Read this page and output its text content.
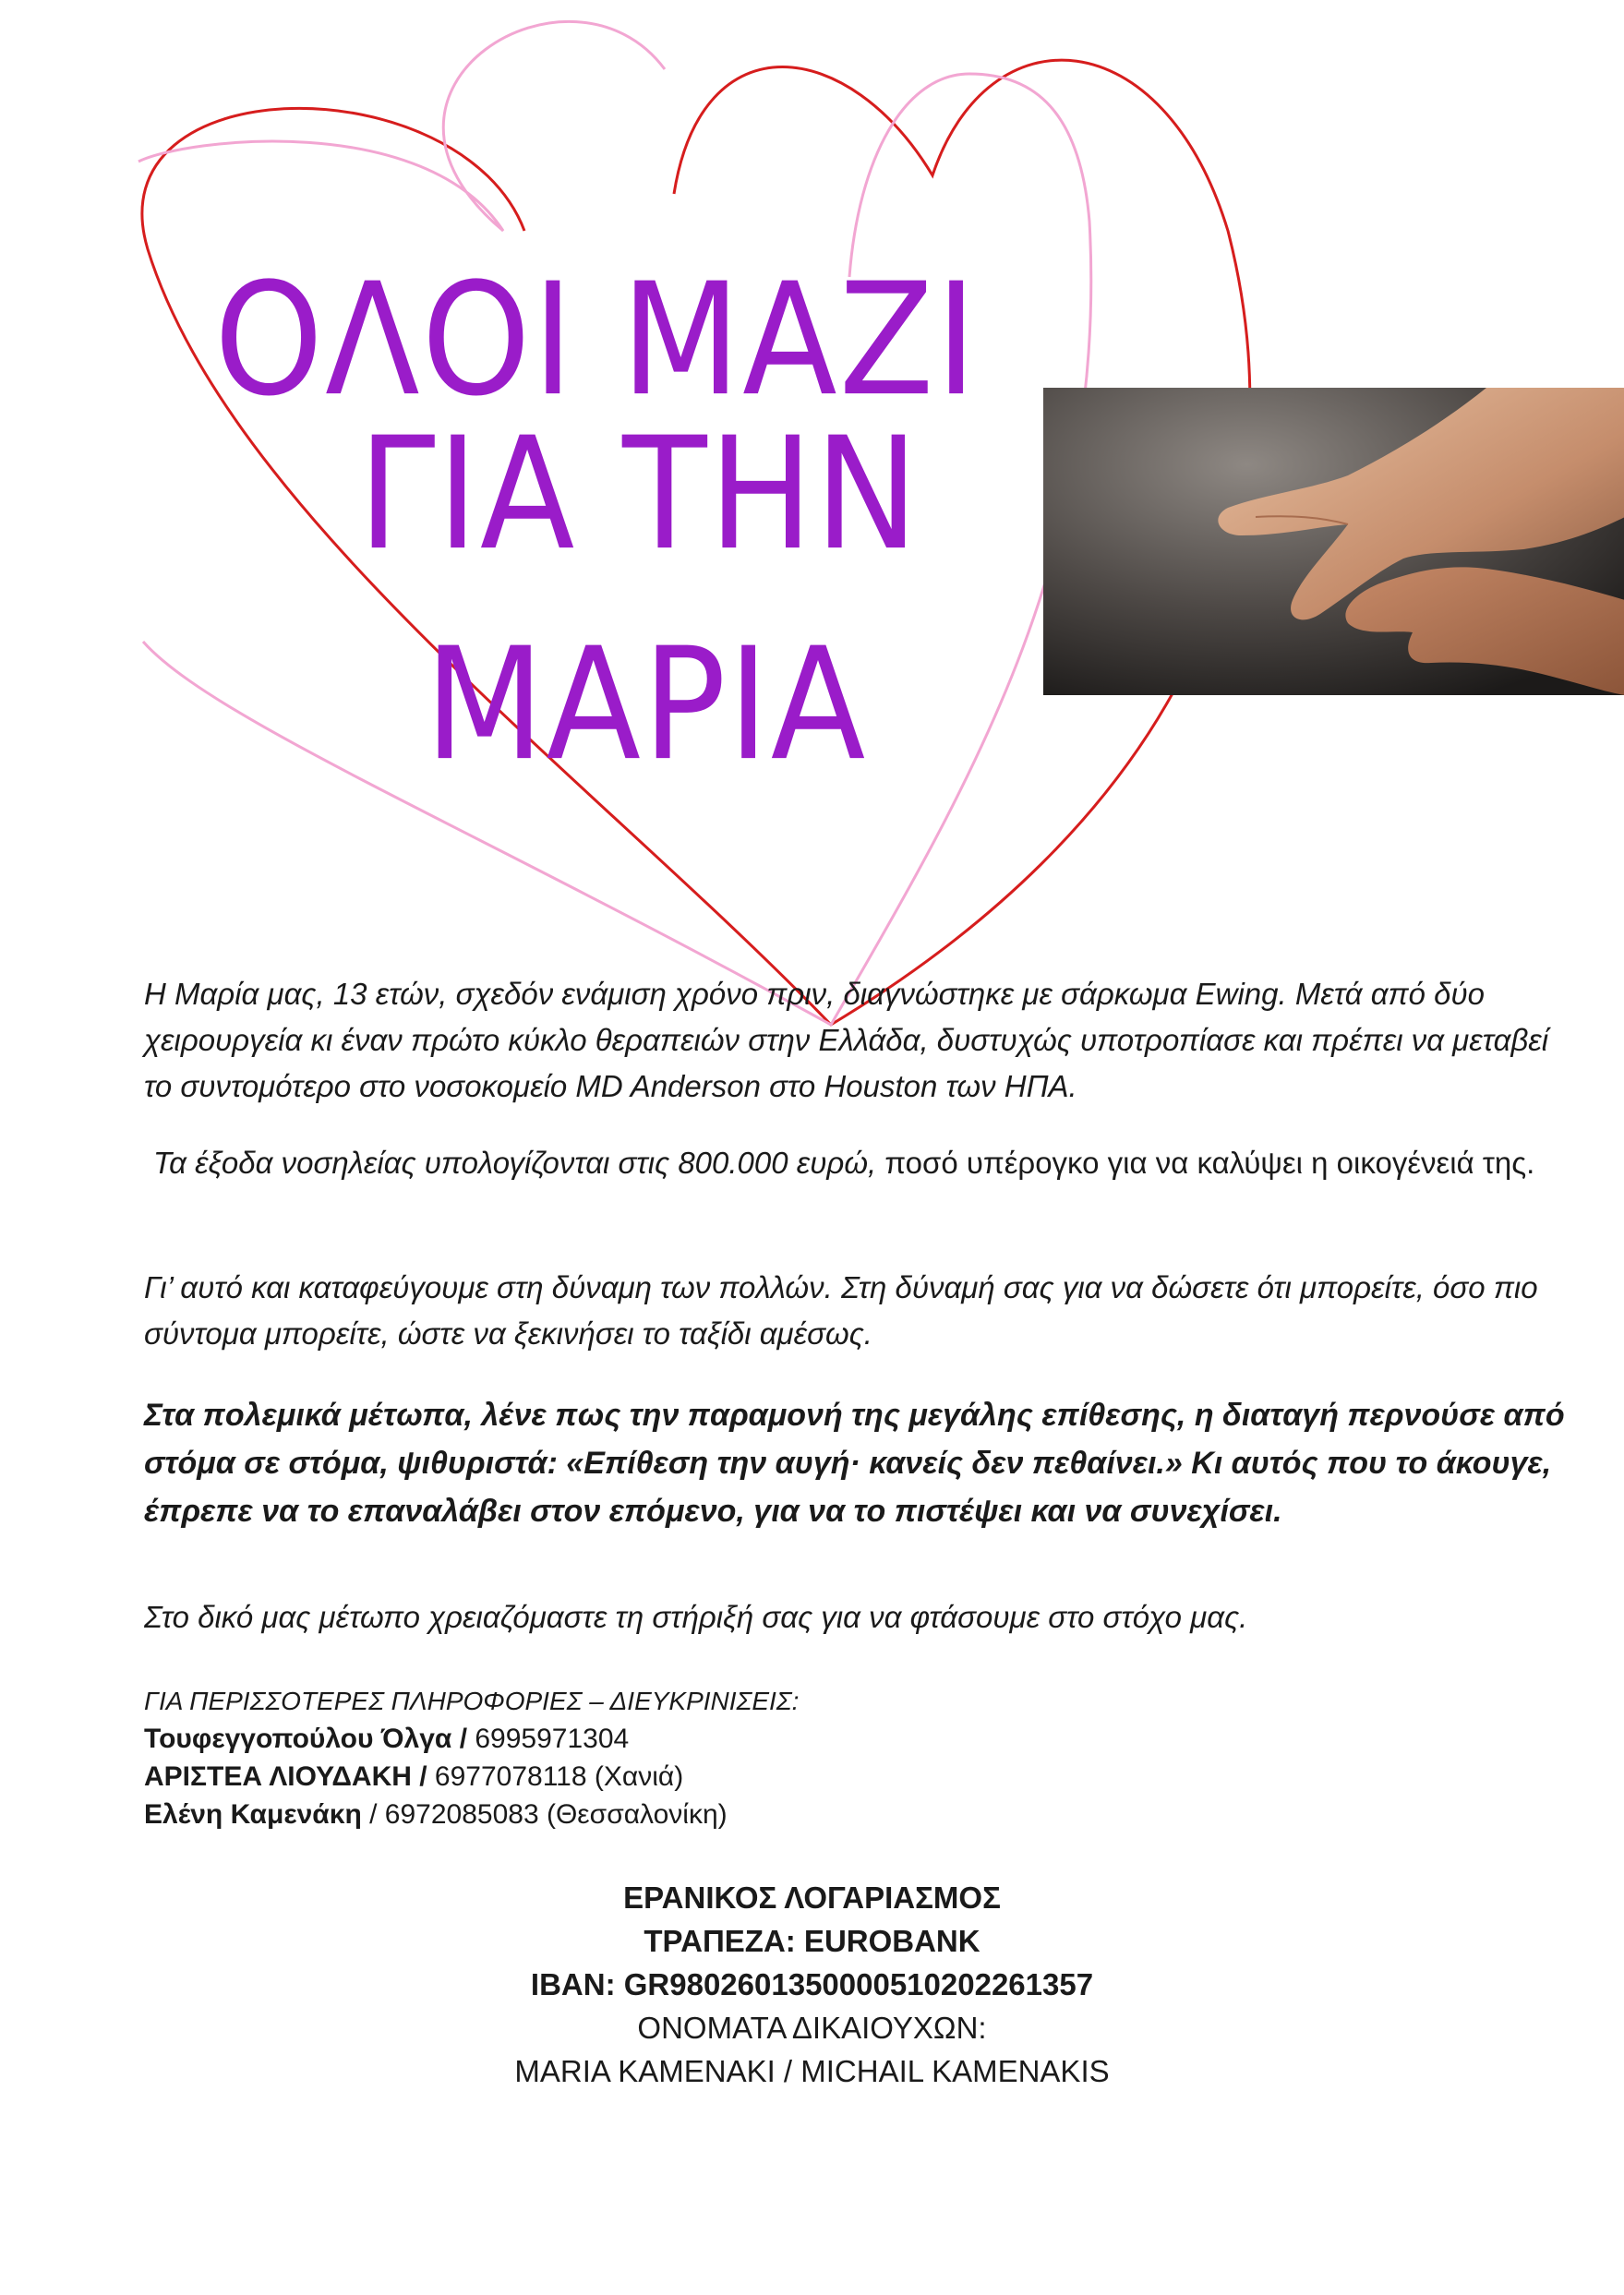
ΟΛΟΙ ΜΑΖΙ
ΓΙΑ ΤΗΝ
ΜΑΡΙΑ

Η Μαρία μας, 13 ετών, σχεδόν ενάμιση χρόνο πριν, διαγνώστηκε με σάρκωμα Ewing. Μετά από δύο χειρουργεία κι έναν πρώτο κύκλο θεραπειών στην Ελλάδα, δυστυχώς υποτροπίασε και πρέπει να μεταβεί το συντομότερο στο νοσοκομείο MD Anderson στο Houston των ΗΠΑ.

Τα έξοδα νοσηλείας υπολογίζονται στις 800.000 ευρώ, ποσό υπέρογκο για να καλύψει η οικογένειά της.

Γι’ αυτό και καταφεύγουμε στη δύναμη των πολλών. Στη δύναμή σας για να δώσετε ότι μπορείτε, όσο πιο σύντομα μπορείτε, ώστε να ξεκινήσει το ταξίδι αμέσως.

Στα πολεμικά μέτωπα, λένε πως την παραμονή της μεγάλης επίθεσης, η διαταγή περνούσε από στόμα σε στόμα, ψιθυριστά: «Επίθεση την αυγή· κανείς δεν πεθαίνει.» Κι αυτός που το άκουγε, έπρεπε να το επαναλάβει στον επόμενο, για να το πιστέψει και να συνεχίσει.

Στο δικό μας μέτωπο χρειαζόμαστε τη στήριξή σας για να φτάσουμε στο στόχο μας.

ΓΙΑ ΠΕΡΙΣΣΟΤΕΡΕΣ ΠΛΗΡΟΦΟΡΙΕΣ – ΔΙΕΥΚΡΙΝΙΣΕΙΣ:
Τουφεγγοπούλου Όλγα / 6995971304
ΑΡΙΣΤΕΑ ΛΙΟΥΔΑΚΗ / 6977078118 (Χανιά)
Ελένη Καμενάκη / 6972085083 (Θεσσαλονίκη)
ΕΡΑΝΙΚΟΣ ΛΟΓΑΡΙΑΣΜΟΣ
ΤΡΑΠΕΖΑ: EUROBANK
IBAN: GR9802601350000510202261357
ΟΝΟΜΑΤΑ ΔΙΚΑΙΟΥΧΩΝ:
MARIA KAMENAKI / MICHAIL KAMENAKIS
